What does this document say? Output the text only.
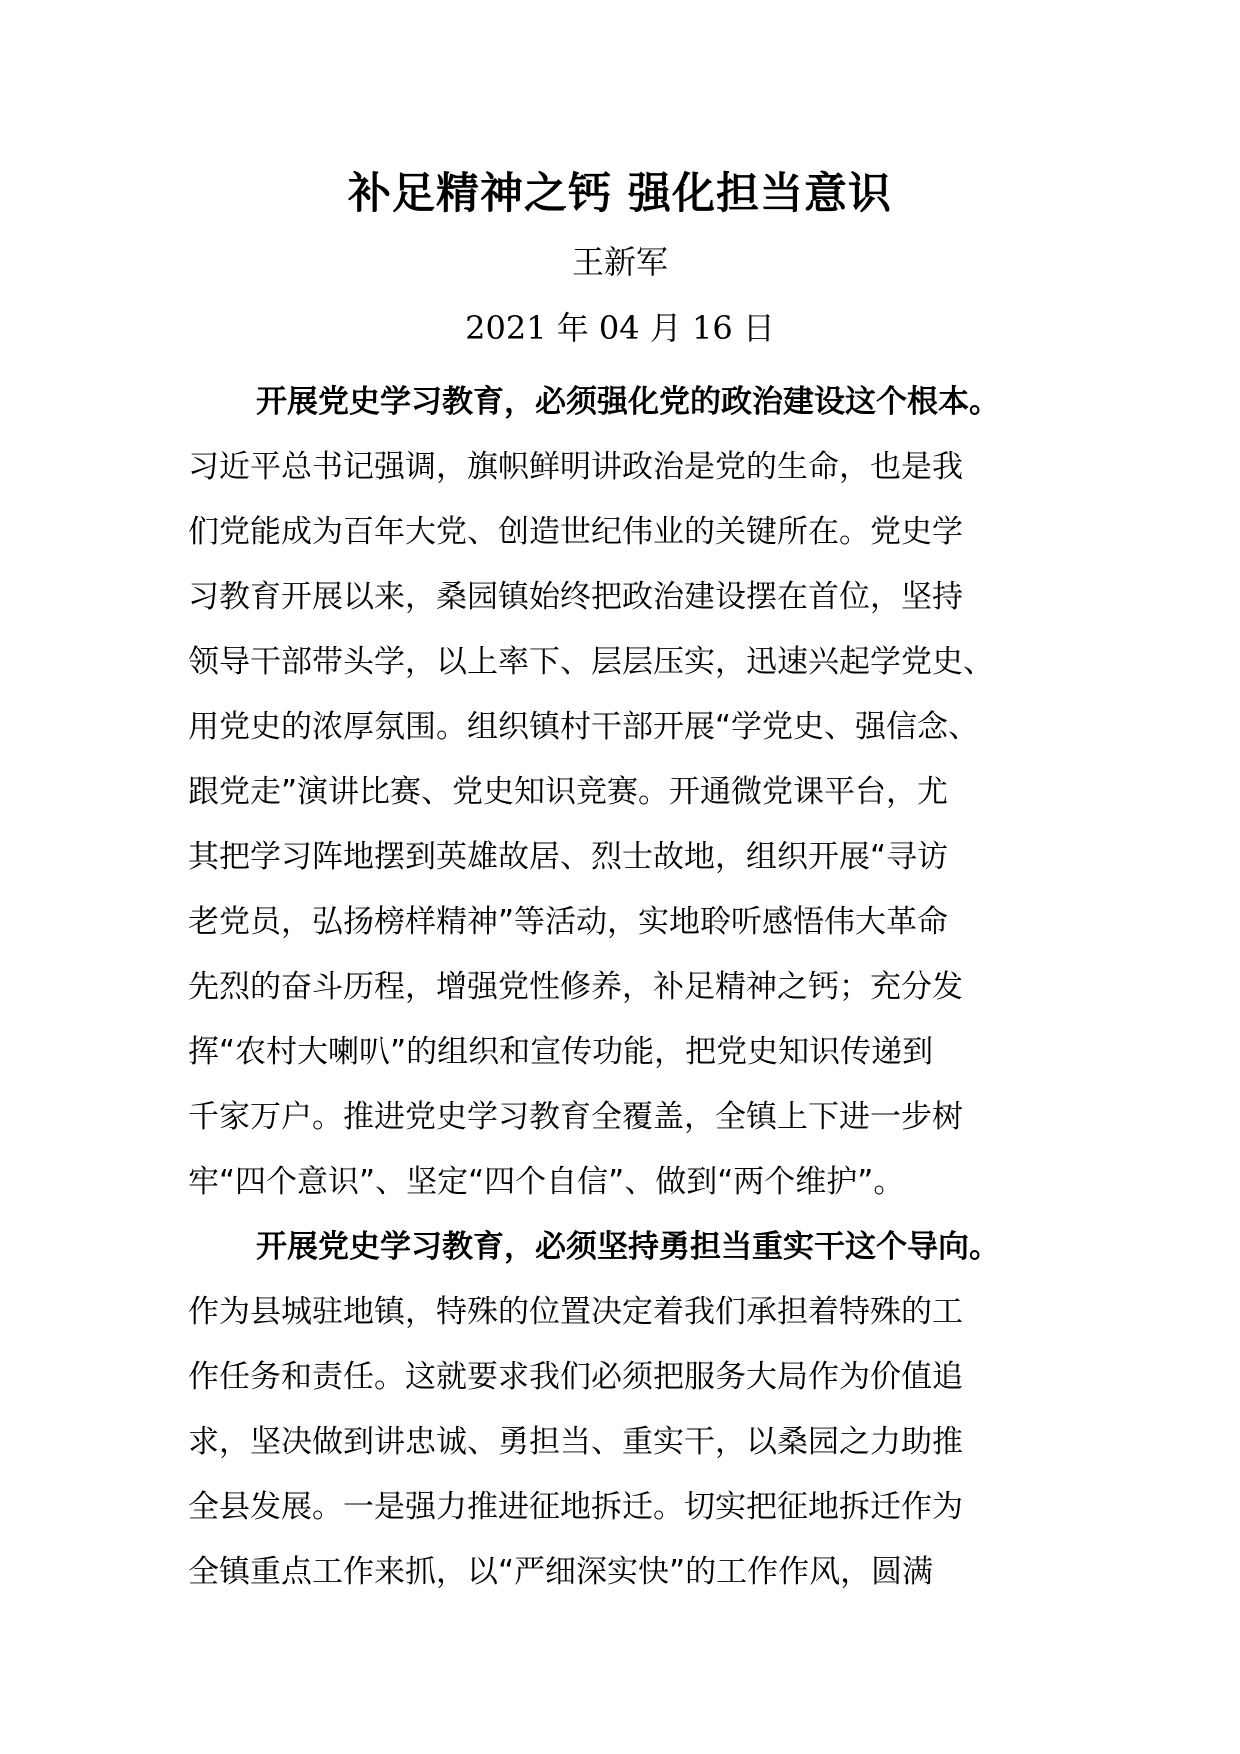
补足精神之钙 强化担当意识
王新军
2021 年 04 月 16 日
开展党史学习教育，必须强化党的政治建设这个根本。
习近平总书记强调，旗帜鲜明讲政治是党的生命，也是我
们党能成为百年大党、创造世纪伟业的关键所在。党史学
习教育开展以来，桑园镇始终把政治建设摆在首位，坚持
领导干部带头学，以上率下、层层压实，迅速兴起学党史、
用党史的浓厚氛围。组织镇村干部开展“学党史、强信念、
跟党走”演讲比赛、党史知识竞赛。开通微党课平台，尤
其把学习阵地摆到英雄故居、烈士故地，组织开展“寻访
老党员，弘扬榜样精神”等活动，实地聆听感悟伟大革命
先烈的奋斗历程，增强党性修养，补足精神之钙；充分发
挥“农村大喇叭”的组织和宣传功能，把党史知识传递到
千家万户。推进党史学习教育全覆盖，全镇上下进一步树
牢“四个意识”、坚定“四个自信”、做到“两个维护”。
开展党史学习教育，必须坚持勇担当重实干这个导向。
作为县城驻地镇，特殊的位置决定着我们承担着特殊的工
作任务和责任。这就要求我们必须把服务大局作为价值追
求，坚决做到讲忠诚、勇担当、重实干，以桑园之力助推
全县发展。一是强力推进征地拆迁。切实把征地拆迁作为
全镇重点工作来抓，以“严细深实快”的工作作风，圆满
